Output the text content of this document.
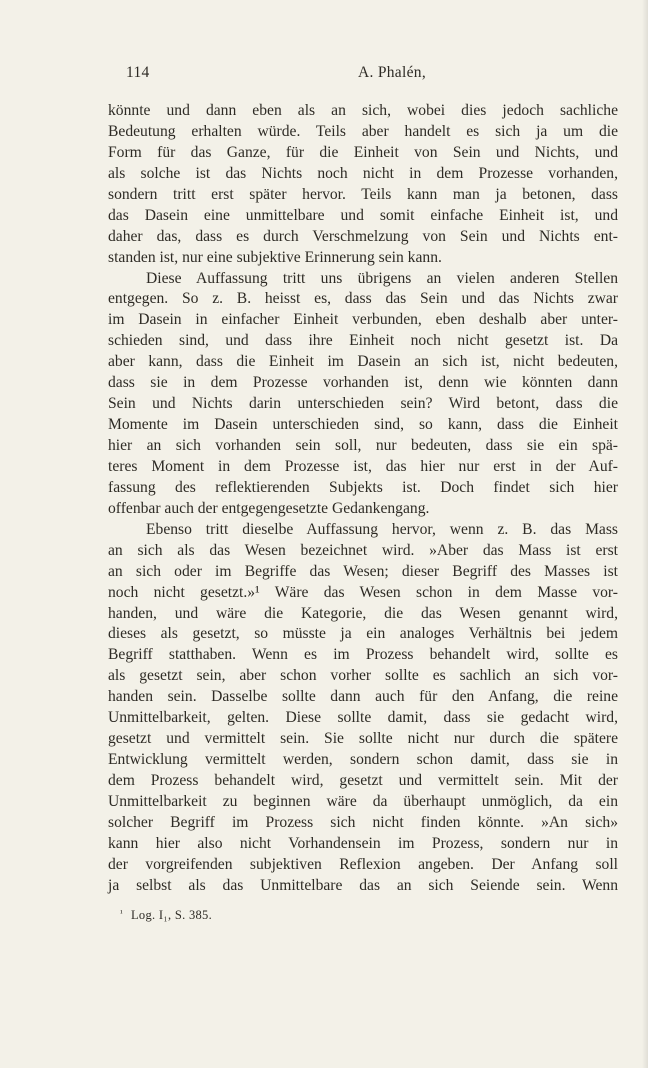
114	A. Phalén,
könnte und dann eben als an sich, wobei dies jedoch sachliche
Bedeutung erhalten würde. Teils aber handelt es sich ja um die
Form für das Ganze, für die Einheit von Sein und Nichts, und
als solche ist das Nichts noch nicht in dem Prozesse vorhanden,
sondern tritt erst später hervor. Teils kann man ja betonen, dass
das Dasein eine unmittelbare und somit einfache Einheit ist, und
daher das, dass es durch Verschmelzung von Sein und Nichts ent-
standen ist, nur eine subjektive Erinnerung sein kann.
Diese Auffassung tritt uns übrigens an vielen anderen Stellen
entgegen. So z. B. heisst es, dass das Sein und das Nichts zwar
im Dasein in einfacher Einheit verbunden, eben deshalb aber unter-
schieden sind, und dass ihre Einheit noch nicht gesetzt ist. Da
aber kann, dass die Einheit im Dasein an sich ist, nicht bedeuten,
dass sie in dem Prozesse vorhanden ist, denn wie könnten dann
Sein und Nichts darin unterschieden sein? Wird betont, dass die
Momente im Dasein unterschieden sind, so kann, dass die Einheit
hier an sich vorhanden sein soll, nur bedeuten, dass sie ein spä-
teres Moment in dem Prozesse ist, das hier nur erst in der Auf-
fassung des reflektierenden Subjekts ist. Doch findet sich hier
offenbar auch der entgegengesetzte Gedankengang.
Ebenso tritt dieselbe Auffassung hervor, wenn z. B. das Mass
an sich als das Wesen bezeichnet wird. »Aber das Mass ist erst
an sich oder im Begriffe das Wesen; dieser Begriff des Masses ist
noch nicht gesetzt.»¹ Wäre das Wesen schon in dem Masse vor-
handen, und wäre die Kategorie, die das Wesen genannt wird,
dieses als gesetzt, so müsste ja ein analoges Verhältnis bei jedem
Begriff statthaben. Wenn es im Prozess behandelt wird, sollte es
als gesetzt sein, aber schon vorher sollte es sachlich an sich vor-
handen sein. Dasselbe sollte dann auch für den Anfang, die reine
Unmittelbarkeit, gelten. Diese sollte damit, dass sie gedacht wird,
gesetzt und vermittelt sein. Sie sollte nicht nur durch die spätere
Entwicklung vermittelt werden, sondern schon damit, dass sie in
dem Prozess behandelt wird, gesetzt und vermittelt sein. Mit der
Unmittelbarkeit zu beginnen wäre da überhaupt unmöglich, da ein
solcher Begriff im Prozess sich nicht finden könnte. »An sich»
kann hier also nicht Vorhandensein im Prozess, sondern nur in
der vorgreifenden subjektiven Reflexion angeben. Der Anfang soll
ja selbst als das Unmittelbare das an sich Seiende sein. Wenn
$^{^1}$ Log. I₁, S. 385.
